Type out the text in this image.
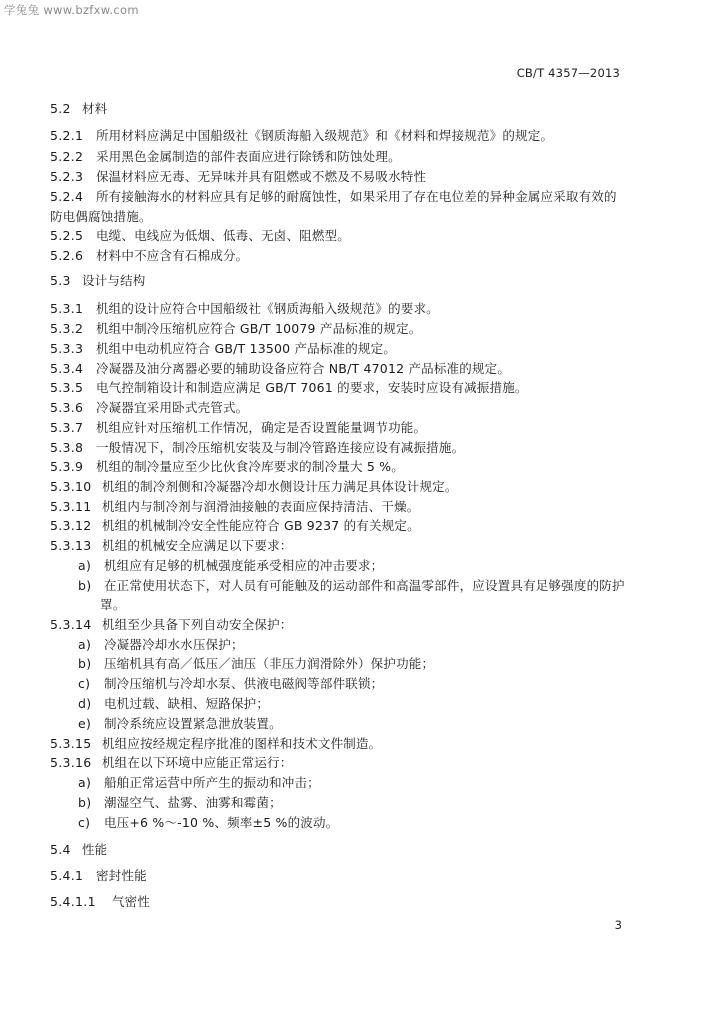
学兔兔 www.bzfxw.com
CB/T 4357—2013
5.2 材料
5.2.1 所用材料应满足中国船级社《钢质海船入级规范》和《材料和焊接规范》的规定。
5.2.2 采用黑色金属制造的部件表面应进行除锈和防蚀处理。
5.2.3 保温材料应无毒、无异味并具有阻燃或不燃及不易吸水特性
5.2.4 所有接触海水的材料应具有足够的耐腐蚀性，如果采用了存在电位差的异种金属应采取有效的
防电偶腐蚀措施。
5.2.5 电缆、电线应为低烟、低毒、无卤、阻燃型。
5.2.6 材料中不应含有石棉成分。
5.3 设计与结构
5.3.1 机组的设计应符合中国船级社《钢质海船入级规范》的要求。
5.3.2 机组中制冷压缩机应符合 GB/T 10079 产品标准的规定。
5.3.3 机组中电动机应符合 GB/T 13500 产品标准的规定。
5.3.4 冷凝器及油分离器必要的辅助设备应符合 NB/T 47012 产品标准的规定。
5.3.5 电气控制箱设计和制造应满足 GB/T 7061 的要求，安装时应设有减振措施。
5.3.6 冷凝器宜采用卧式壳管式。
5.3.7 机组应针对压缩机工作情况，确定是否设置能量调节功能。
5.3.8 一般情况下，制冷压缩机安装及与制冷管路连接应设有减振措施。
5.3.9 机组的制冷量应至少比伙食冷库要求的制冷量大 5 %。
5.3.10 机组的制冷剂侧和冷凝器冷却水侧设计压力满足具体设计规定。
5.3.11 机组内与制冷剂与润滑油接触的表面应保持清洁、干燥。
5.3.12 机组的机械制冷安全性能应符合 GB 9237 的有关规定。
5.3.13 机组的机械安全应满足以下要求：
a) 机组应有足够的机械强度能承受相应的冲击要求；
b) 在正常使用状态下，对人员有可能触及的运动部件和高温零部件，应设置具有足够强度的防护
罩。
5.3.14 机组至少具备下列自动安全保护：
a) 冷凝器冷却水水压保护；
b) 压缩机具有高／低压／油压（非压力润滑除外）保护功能；
c) 制冷压缩机与冷却水泵、供液电磁阀等部件联锁；
d) 电机过载、缺相、短路保护；
e) 制冷系统应设置紧急泄放装置。
5.3.15 机组应按经规定程序批准的图样和技术文件制造。
5.3.16 机组在以下环境中应能正常运行：
a) 船舶正常运营中所产生的振动和冲击；
b) 潮湿空气、盐雾、油雾和霉菌；
c) 电压+6 %～-10 %、频率±5 %的波动。
5.4 性能
5.4.1 密封性能
5.4.1.1 气密性
3
